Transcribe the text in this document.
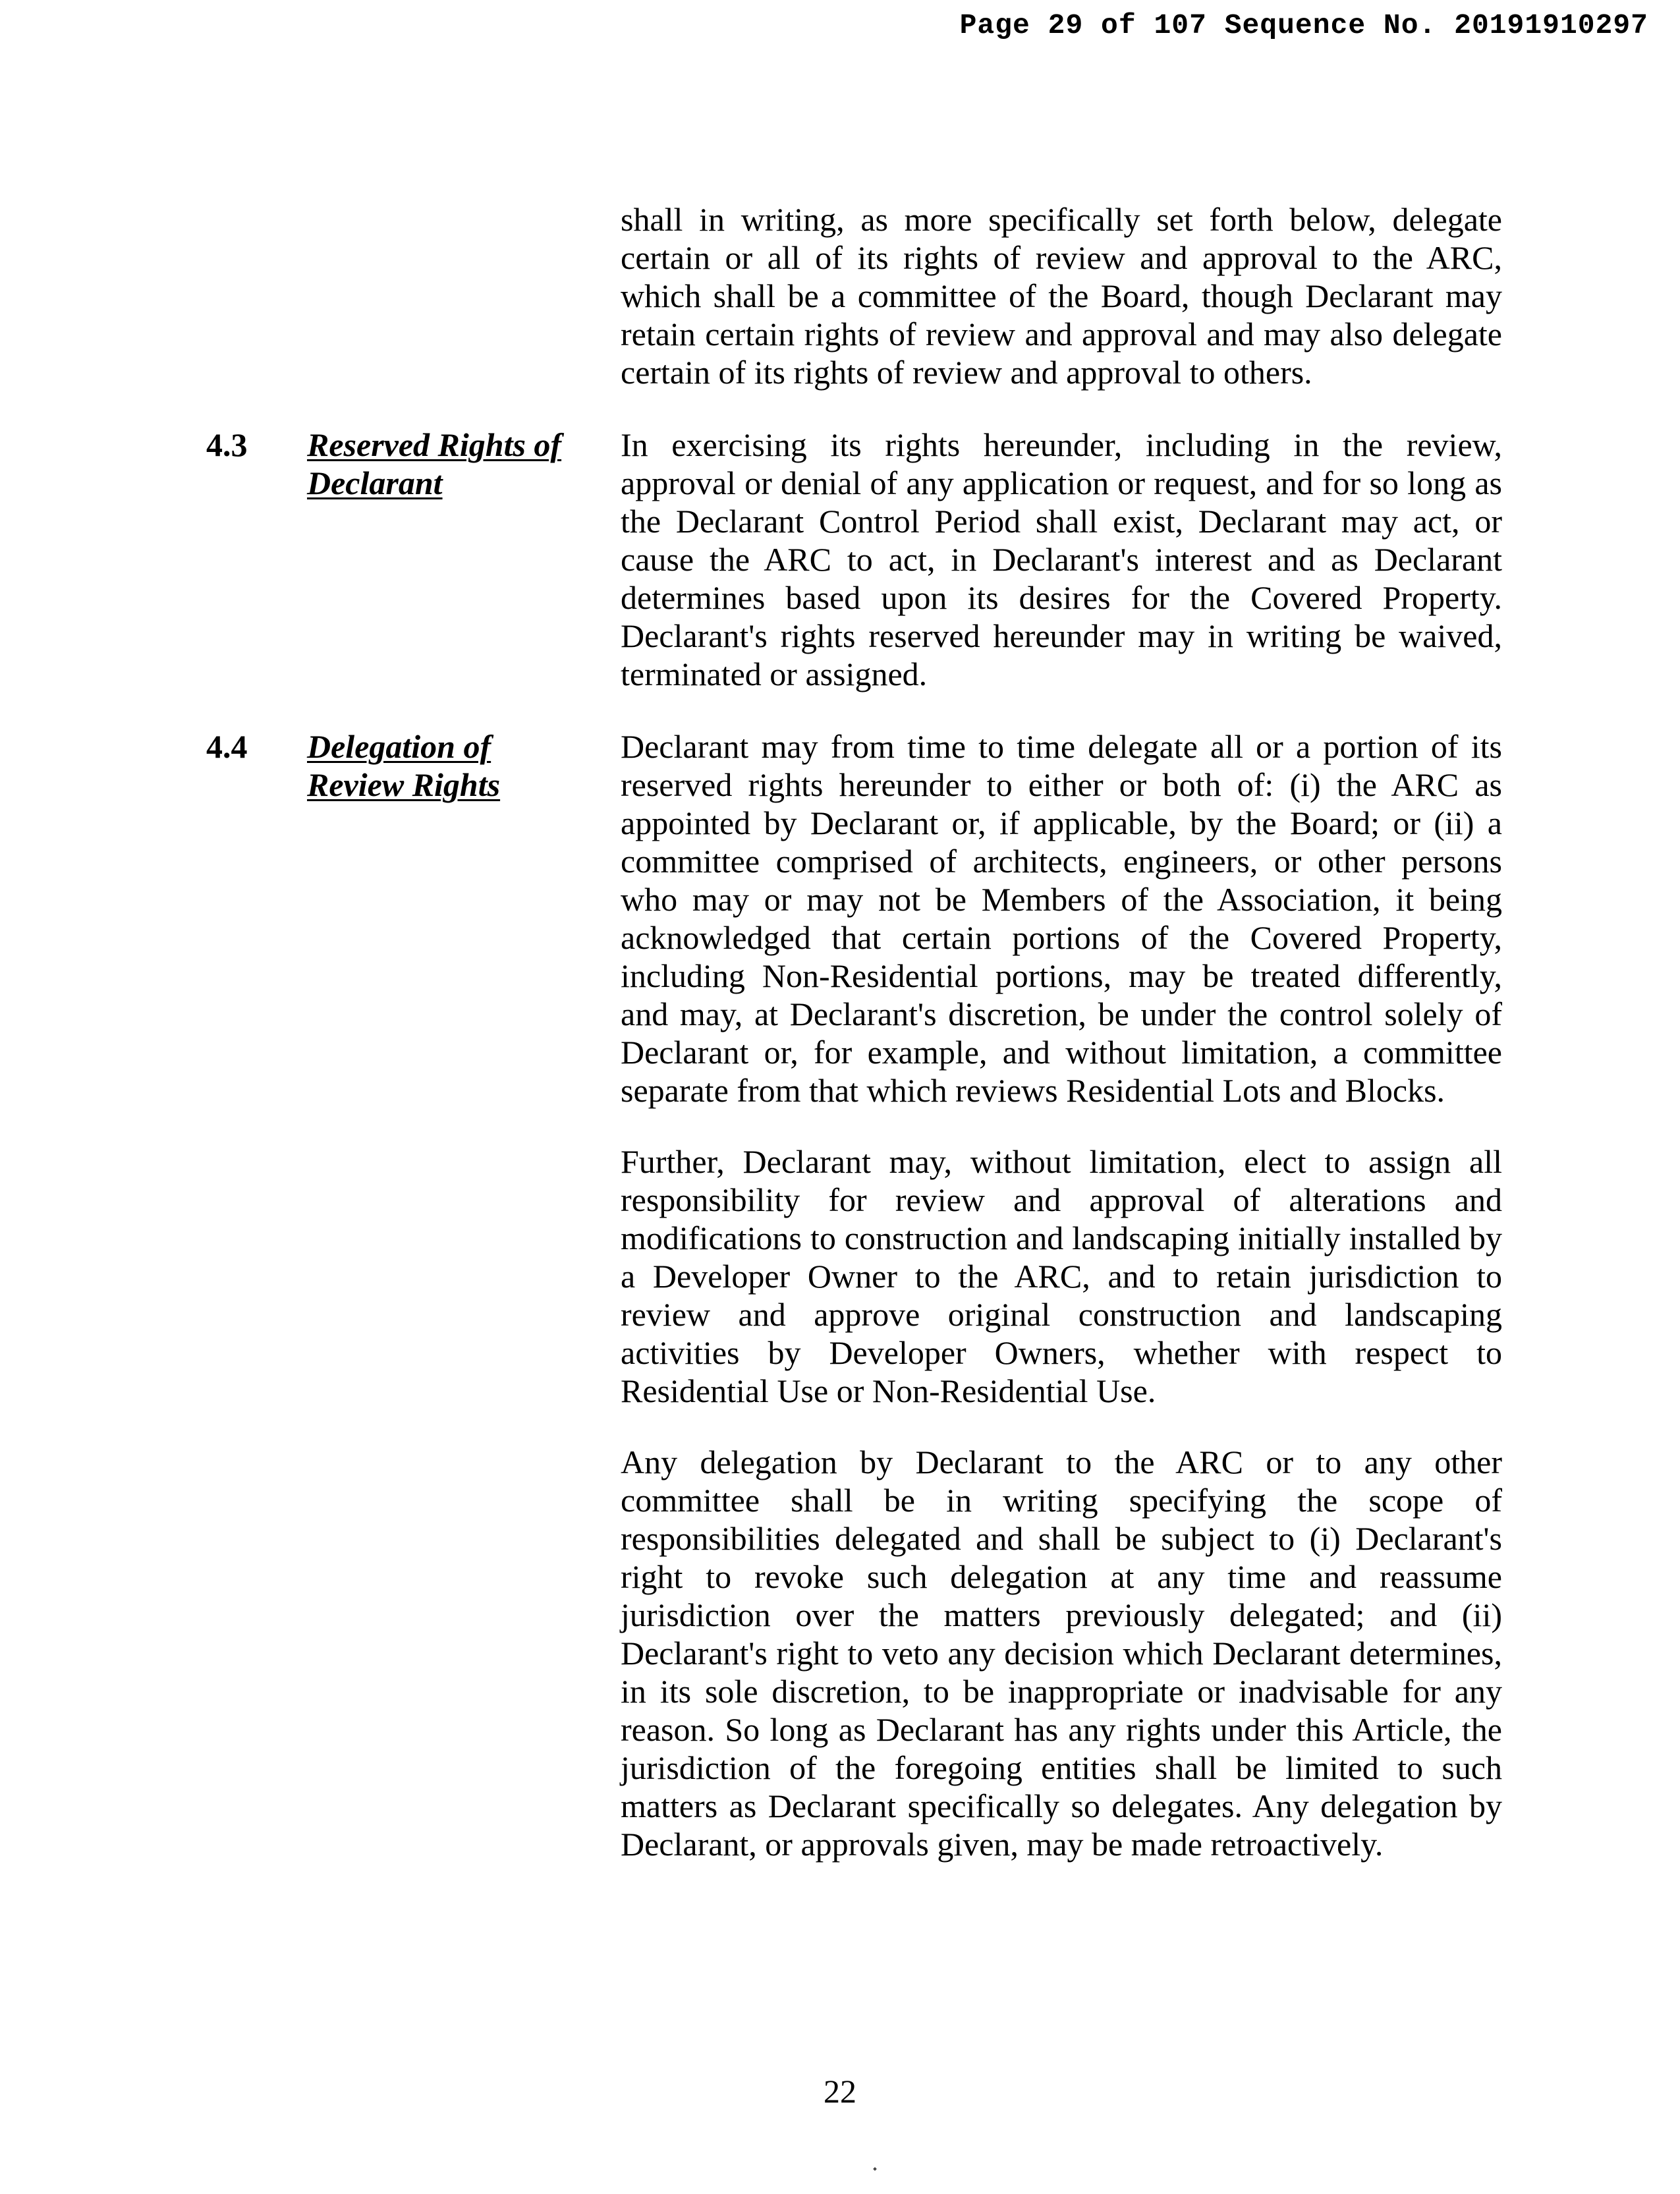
Page 29 of 107 Sequence No. 20191910297
shall in writing, as more specifically set forth below, delegate certain or all of its rights of review and approval to the ARC, which shall be a committee of the Board, though Declarant may retain certain rights of review and approval and may also delegate certain of its rights of review and approval to others.
4.3 Reserved Rights of
Declarant
In exercising its rights hereunder, including in the review, approval or denial of any application or request, and for so long as the Declarant Control Period shall exist, Declarant may act, or cause the ARC to act, in Declarant's interest and as Declarant determines based upon its desires for the Covered Property. Declarant's rights reserved hereunder may in writing be waived, terminated or assigned.
4.4 Delegation of
Review Rights
Declarant may from time to time delegate all or a portion of its reserved rights hereunder to either or both of: (i) the ARC as appointed by Declarant or, if applicable, by the Board; or (ii) a committee comprised of architects, engineers, or other persons who may or may not be Members of the Association, it being acknowledged that certain portions of the Covered Property, including Non-Residential portions, may be treated differently, and may, at Declarant's discretion, be under the control solely of Declarant or, for example, and without limitation, a committee separate from that which reviews Residential Lots and Blocks.
Further, Declarant may, without limitation, elect to assign all responsibility for review and approval of alterations and modifications to construction and landscaping initially installed by a Developer Owner to the ARC, and to retain jurisdiction to review and approve original construction and landscaping activities by Developer Owners, whether with respect to Residential Use or Non-Residential Use.
Any delegation by Declarant to the ARC or to any other committee shall be in writing specifying the scope of responsibilities delegated and shall be subject to (i) Declarant's right to revoke such delegation at any time and reassume jurisdiction over the matters previously delegated; and (ii) Declarant's right to veto any decision which Declarant determines, in its sole discretion, to be inappropriate or inadvisable for any reason. So long as Declarant has any rights under this Article, the jurisdiction of the foregoing entities shall be limited to such matters as Declarant specifically so delegates. Any delegation by Declarant, or approvals given, may be made retroactively.
22
